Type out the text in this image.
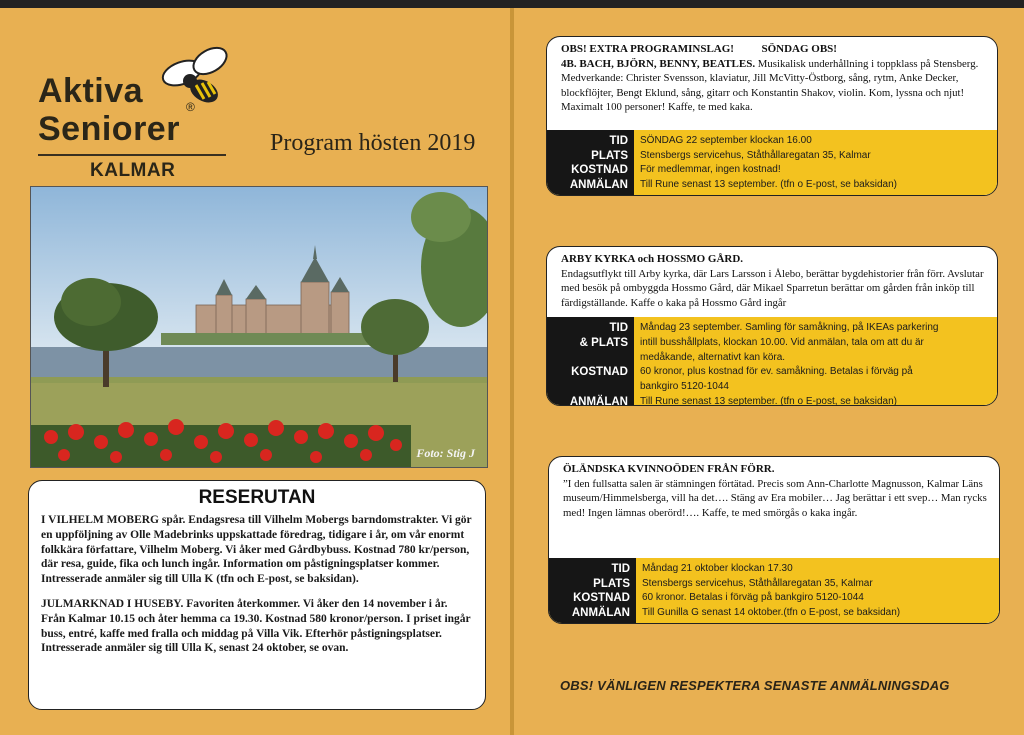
Aktiva
Seniorer
®
KALMAR
Program hösten 2019
Foto: Stig J
RESERUTAN
I VILHELM MOBERG spår. Endagsresa till Vilhelm Mobergs barndomstrakter. Vi gör en uppföljning av Olle Madebrinks uppskattade föredrag, tidigare i år, om vår enormt folkkära författare, Vilhelm Moberg. Vi åker med Gårdbybuss. Kostnad 780 kr/person, där resa, guide, fika och lunch ingår. Information om påstigningsplatser kommer.
Intresserade anmäler sig till Ulla K (tfn och E-post, se baksidan).
JULMARKNAD I HUSEBY. Favoriten återkommer. Vi åker den 14 november i år. Från Kalmar 10.15 och åter hemma ca 19.30. Kostnad 580 kronor/person. I priset ingår buss, entré, kaffe med fralla och middag på Villa Vik. Efterhör påstigningsplatser.
Intresserade anmäler sig till Ulla K, senast 24 oktober, se ovan.
OBS! EXTRA PROGRAMINSLAG!          SÖNDAG OBS!
4B. BACH, BJÖRN, BENNY, BEATLES. Musikalisk underhållning i toppklass på Stensberg. Medverkande: Christer Svensson, klaviatur, Jill McVitty-Östborg, sång, rytm, Anke Decker, blockflöjter, Bengt Eklund, sång, gitarr och Konstantin Shakov, violin. Kom, lyssna och njut! Maximalt 100 personer! Kaffe, te med kaka.
TID
PLATS
KOSTNAD
ANMÄLAN
SÖNDAG 22 september klockan 16.00
Stensbergs servicehus, Ståthållaregatan 35, Kalmar
För medlemmar, ingen kostnad!
Till Rune senast 13 september. (tfn o E-post, se baksidan)
ARBY KYRKA och HOSSMO GÅRD.
Endagsutflykt till Arby kyrka, där Lars Larsson i Ålebo, berättar bygdehistorier från förr. Avslutar med besök på ombyggda Hossmo Gård, där Mikael Sparretun berättar om gården från inköp till färdigställande. Kaffe o kaka på Hossmo Gård ingår
TID
& PLATS
KOSTNAD
ANMÄLAN
Måndag 23 september. Samling för samåkning, på IKEAs parkering
intill busshållplats, klockan 10.00. Vid anmälan, tala om att du är
medåkande, alternativt kan köra.
60 kronor, plus kostnad för ev. samåkning. Betalas i förväg på
bankgiro 5120-1044
Till Rune senast 13 september. (tfn o E-post, se baksidan)
ÖLÄNDSKA KVINNOÖDEN FRÅN FÖRR.
”I den fullsatta salen är stämningen förtätad. Precis som Ann-Charlotte Magnusson, Kalmar Läns museum/Himmelsberga, vill ha det…. Stäng av Era mobiler… Jag berättar i ett svep… Man rycks med! Ingen lämnas oberörd!…. Kaffe, te med smörgås o kaka ingår.
TID
PLATS
KOSTNAD
ANMÄLAN
Måndag 21 oktober klockan 17.30
Stensbergs servicehus, Ståthållaregatan 35, Kalmar
60 kronor. Betalas i förväg på bankgiro 5120-1044
Till Gunilla G senast 14 oktober.(tfn o E-post, se baksidan)
OBS! VÄNLIGEN RESPEKTERA SENASTE ANMÄLNINGSDAG
